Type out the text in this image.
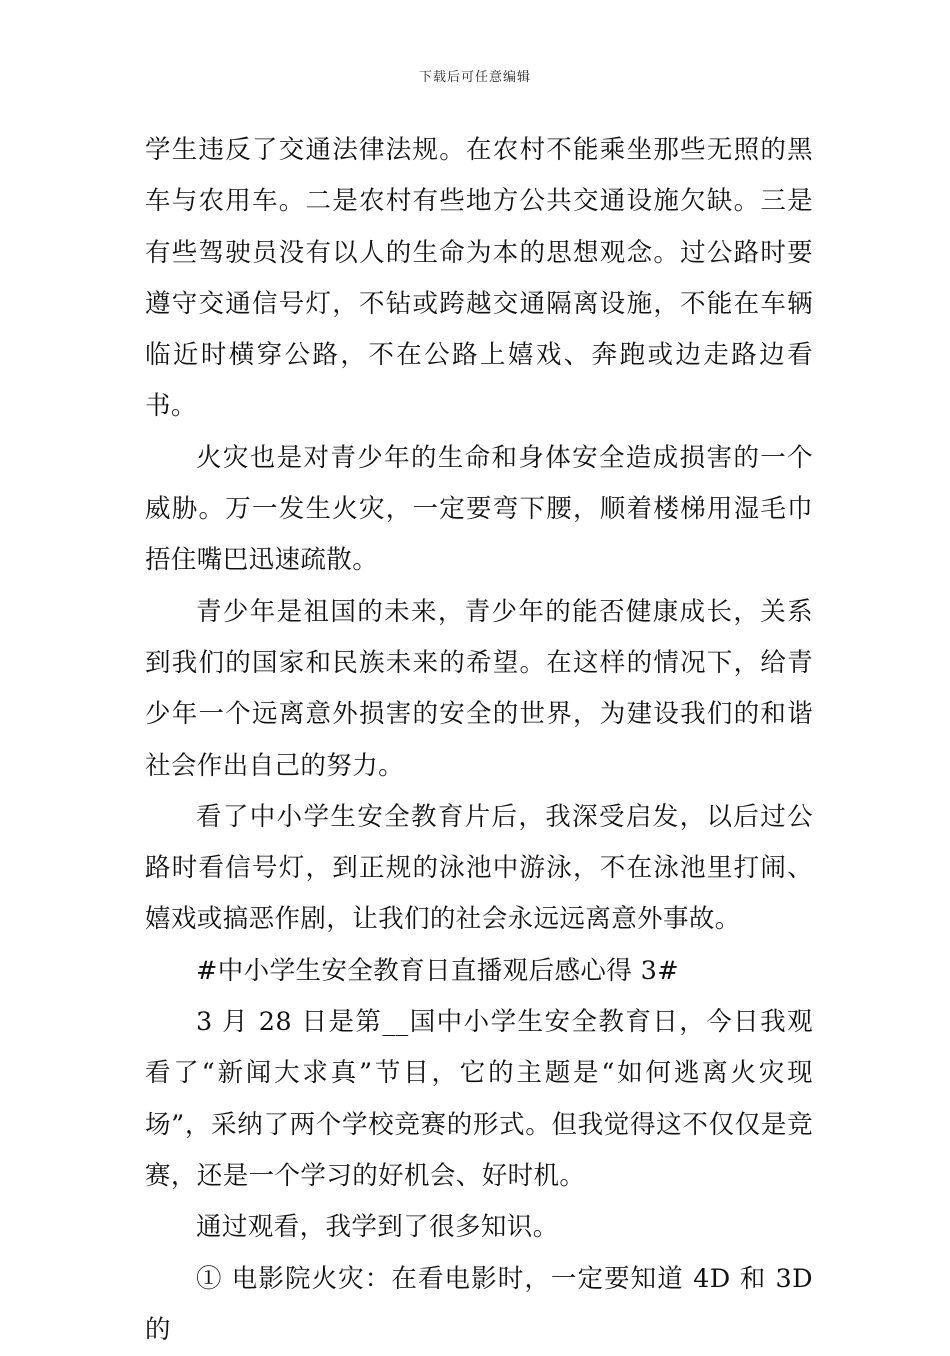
下载后可任意编辑

学生违反了交通法律法规。在农村不能乘坐那些无照的黑车与农用车。二是农村有些地方公共交通设施欠缺。三是有些驾驶员没有以人的生命为本的思想观念。过公路时要遵守交通信号灯，不钻或跨越交通隔离设施，不能在车辆临近时横穿公路，不在公路上嬉戏、奔跑或边走路边看书。

火灾也是对青少年的生命和身体安全造成损害的一个威胁。万一发生火灾，一定要弯下腰，顺着楼梯用湿毛巾捂住嘴巴迅速疏散。

青少年是祖国的未来，青少年的能否健康成长，关系到我们的国家和民族未来的希望。在这样的情况下，给青少年一个远离意外损害的安全的世界，为建设我们的和谐社会作出自己的努力。

看了中小学生安全教育片后，我深受启发，以后过公路时看信号灯，到正规的泳池中游泳，不在泳池里打闹、嬉戏或搞恶作剧，让我们的社会永远远离意外事故。

#中小学生安全教育日直播观后感心得 3#

3 月 28 日是第__国中小学生安全教育日，今日我观看了“新闻大求真”节目，它的主题是“如何逃离火灾现场”，采纳了两个学校竞赛的形式。但我觉得这不仅仅是竞赛，还是一个学习的好机会、好时机。

通过观看，我学到了很多知识。

① 电影院火灾：在看电影时，一定要知道 4D 和 3D 的
